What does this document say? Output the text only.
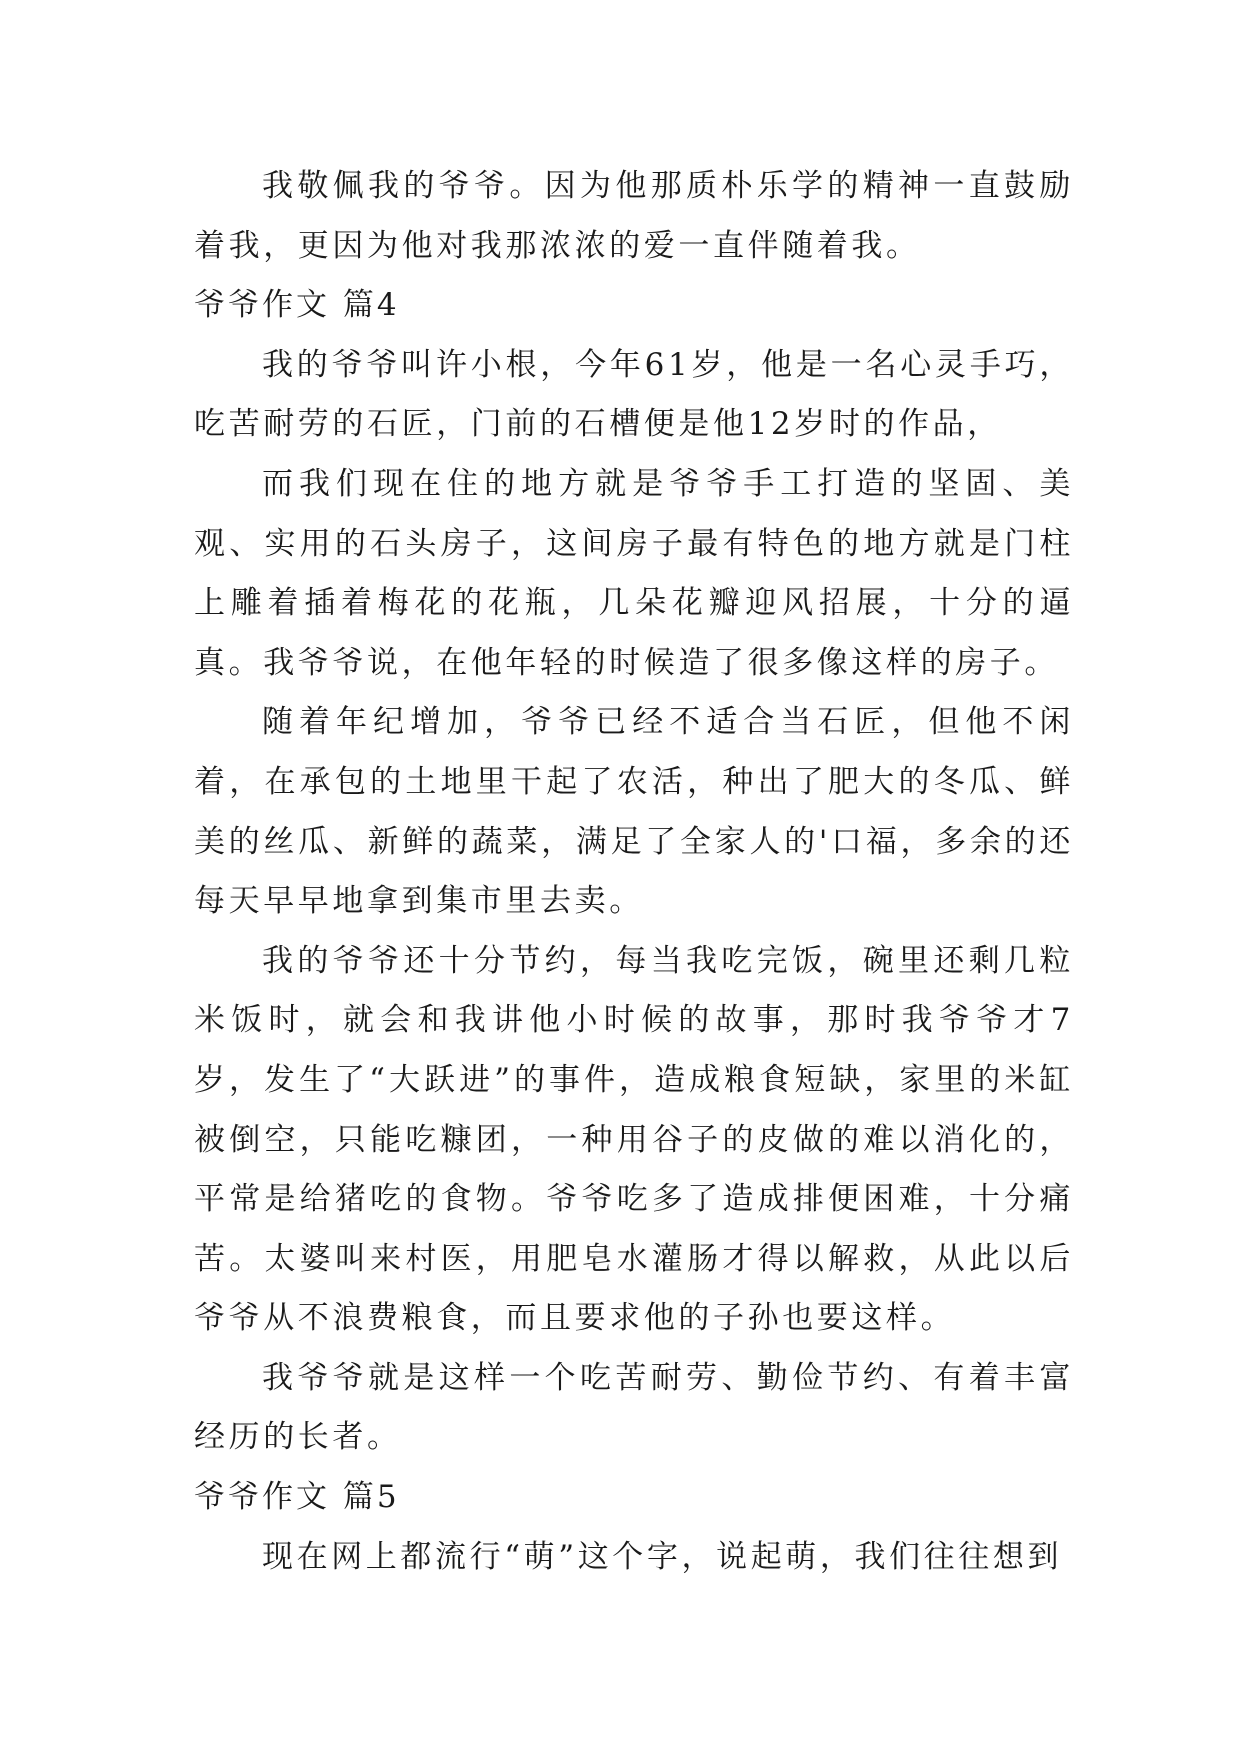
我敬佩我的爷爷。因为他那质朴乐学的精神一直鼓励着我，更因为他对我那浓浓的爱一直伴随着我。

爷爷作文 篇4

我的爷爷叫许小根，今年61岁，他是一名心灵手巧，吃苦耐劳的石匠，门前的石槽便是他12岁时的作品，

而我们现在住的地方就是爷爷手工打造的坚固、美观、实用的石头房子，这间房子最有特色的地方就是门柱上雕着插着梅花的花瓶，几朵花瓣迎风招展，十分的逼真。我爷爷说，在他年轻的时候造了很多像这样的房子。

随着年纪增加，爷爷已经不适合当石匠，但他不闲着，在承包的土地里干起了农活，种出了肥大的冬瓜、鲜美的丝瓜、新鲜的蔬菜，满足了全家人的'口福，多余的还每天早早地拿到集市里去卖。

我的爷爷还十分节约，每当我吃完饭，碗里还剩几粒米饭时，就会和我讲他小时候的故事，那时我爷爷才7岁，发生了“大跃进”的事件，造成粮食短缺，家里的米缸被倒空，只能吃糠团，一种用谷子的皮做的难以消化的，平常是给猪吃的食物。爷爷吃多了造成排便困难，十分痛苦。太婆叫来村医，用肥皂水灌肠才得以解救，从此以后爷爷从不浪费粮食，而且要求他的子孙也要这样。

我爷爷就是这样一个吃苦耐劳、勤俭节约、有着丰富经历的长者。

爷爷作文 篇5

现在网上都流行“萌”这个字，说起萌，我们往往想到
